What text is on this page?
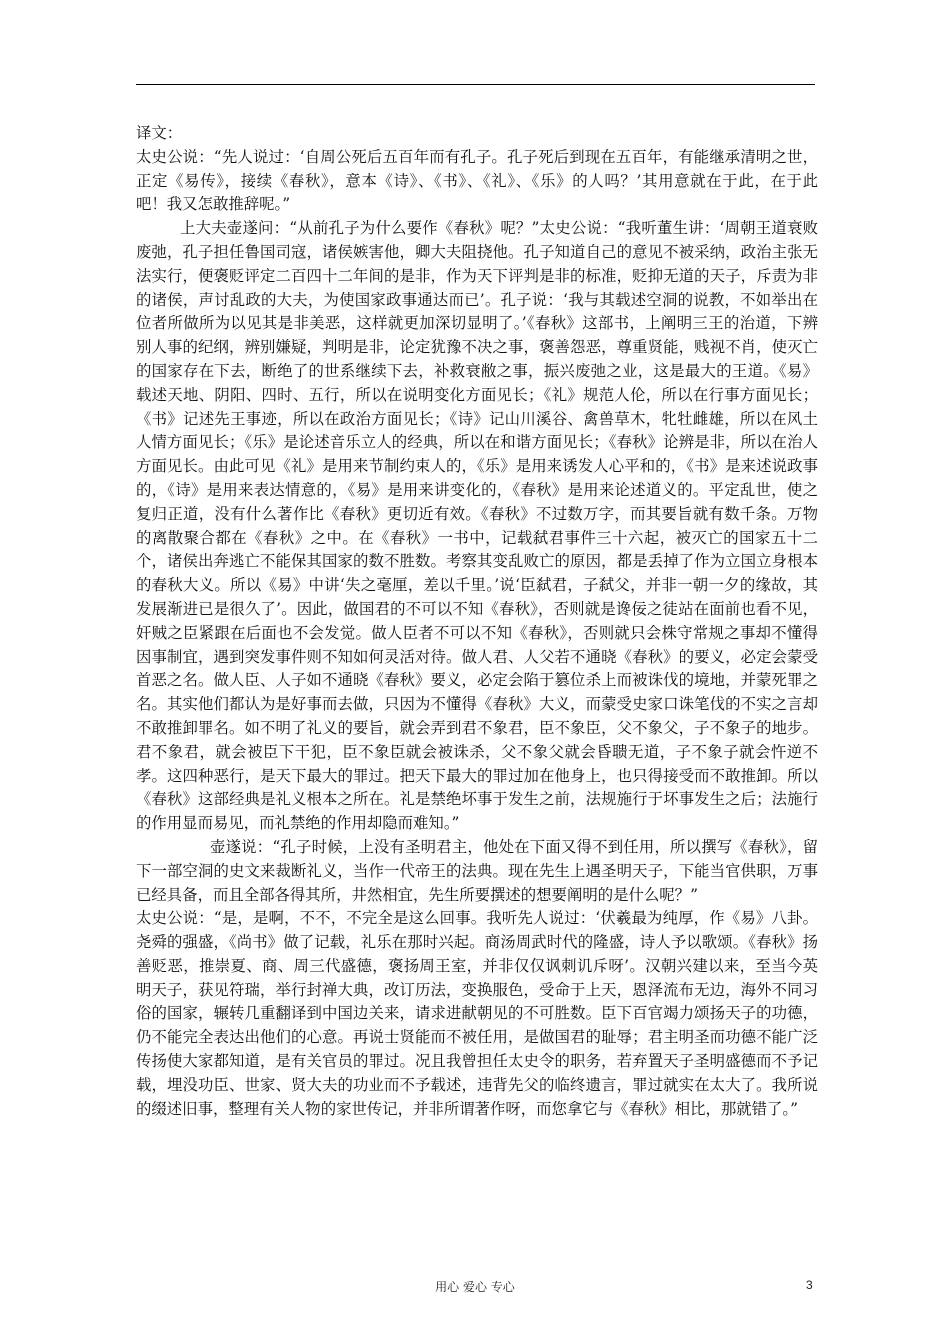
译文：

太史公说：“先人说过：‘自周公死后五百年而有孔子。孔子死后到现在五百年，有能继承清明之世，正定《易传》，接续《春秋》，意本《诗》、《书》、《礼》、《乐》的人吗？’其用意就在于此，在于此吧！我又怎敢推辞呢。”

上大夫壶遂问：“从前孔子为什么要作《春秋》呢？”太史公说：“我听董生讲：‘周朝王道衰败废弛，孔子担任鲁国司寇，诸侯嫉害他，卿大夫阻挠他。孔子知道自己的意见不被采纳，政治主张无法实行，便褒贬评定二百四十二年间的是非，作为天下评判是非的标准，贬抑无道的天子，斥责为非的诸侯，声讨乱政的大夫，为使国家政事通达而已’。孔子说：‘我与其载述空洞的说教，不如举出在位者所做所为以见其是非美恶，这样就更加深切显明了。’《春秋》这部书，上阐明三王的治道，下辨别人事的纪纲，辨别嫌疑，判明是非，论定犹豫不决之事，褒善怨恶，尊重贤能，贱视不肖，使灭亡的国家存在下去，断绝了的世系继续下去，补救衰敝之事，振兴废弛之业，这是最大的王道。《易》载述天地、阴阳、四时、五行，所以在说明变化方面见长；《礼》规范人伦，所以在行事方面见长；《书》记述先王事迹，所以在政治方面见长；《诗》记山川溪谷、禽兽草木，牝牡雌雄，所以在风土人情方面见长；《乐》是论述音乐立人的经典，所以在和谐方面见长；《春秋》论辨是非，所以在治人方面见长。由此可见《礼》是用来节制约束人的，《乐》是用来诱发人心平和的，《书》是来述说政事的，《诗》是用来表达情意的，《易》是用来讲变化的，《春秋》是用来论述道义的。平定乱世，使之复归正道，没有什么著作比《春秋》更切近有效。《春秋》不过数万字，而其要旨就有数千条。万物的离散聚合都在《春秋》之中。在《春秋》一书中，记载弑君事件三十六起，被灭亡的国家五十二个，诸侯出奔逃亡不能保其国家的数不胜数。考察其变乱败亡的原因，都是丢掉了作为立国立身根本的春秋大义。所以《易》中讲‘失之毫厘，差以千里。’说‘臣弑君，子弑父，并非一朝一夕的缘故，其发展渐进已是很久了’。因此，做国君的不可以不知《春秋》，否则就是谗佞之徒站在面前也看不见，奸贼之臣紧跟在后面也不会发觉。做人臣者不可以不知《春秋》，否则就只会株守常规之事却不懂得因事制宜，遇到突发事件则不知如何灵活对待。做人君、人父若不通晓《春秋》的要义，必定会蒙受首恶之名。做人臣、人子如不通晓《春秋》要义，必定会陷于篡位杀上而被诛伐的境地，并蒙死罪之名。其实他们都认为是好事而去做，只因为不懂得《春秋》大义，而蒙受史家口诛笔伐的不实之言却不敢推卸罪名。如不明了礼义的要旨，就会弄到君不象君，臣不象臣，父不象父，子不象子的地步。君不象君，就会被臣下干犯，臣不象臣就会被诛杀，父不象父就会昏聩无道，子不象子就会忤逆不孝。这四种恶行，是天下最大的罪过。把天下最大的罪过加在他身上，也只得接受而不敢推卸。所以《春秋》这部经典是礼义根本之所在。礼是禁绝坏事于发生之前，法规施行于坏事发生之后；法施行的作用显而易见，而礼禁绝的作用却隐而难知。”

壶遂说：“孔子时候，上没有圣明君主，他处在下面又得不到任用，所以撰写《春秋》，留下一部空洞的史文来裁断礼义，当作一代帝王的法典。现在先生上遇圣明天子，下能当官供职，万事已经具备，而且全部各得其所，井然相宜，先生所要撰述的想要阐明的是什么呢？”

太史公说：“是，是啊，不不，不完全是这么回事。我听先人说过：‘伏羲最为纯厚，作《易》八卦。尧舜的强盛，《尚书》做了记载，礼乐在那时兴起。商汤周武时代的隆盛，诗人予以歌颂。《春秋》扬善贬恶，推崇夏、商、周三代盛德，褒扬周王室，并非仅仅讽刺讥斥呀’。汉朝兴建以来，至当今英明天子，获见符瑞，举行封禅大典，改订历法，变换服色，受命于上天，恩泽流布无边，海外不同习俗的国家，辗转几重翻译到中国边关来，请求进献朝见的不可胜数。臣下百官竭力颂扬天子的功德，仍不能完全表达出他们的心意。再说士贤能而不被任用，是做国君的耻辱；君主明圣而功德不能广泛传扬使大家都知道，是有关官员的罪过。况且我曾担任太史令的职务，若弃置天子圣明盛德而不予记载，埋没功臣、世家、贤大夫的功业而不予载述，违背先父的临终遗言，罪过就实在太大了。我所说的缀述旧事，整理有关人物的家世传记，并非所谓著作呀，而您拿它与《春秋》相比，那就错了。”

用心 爱心 专心	3
